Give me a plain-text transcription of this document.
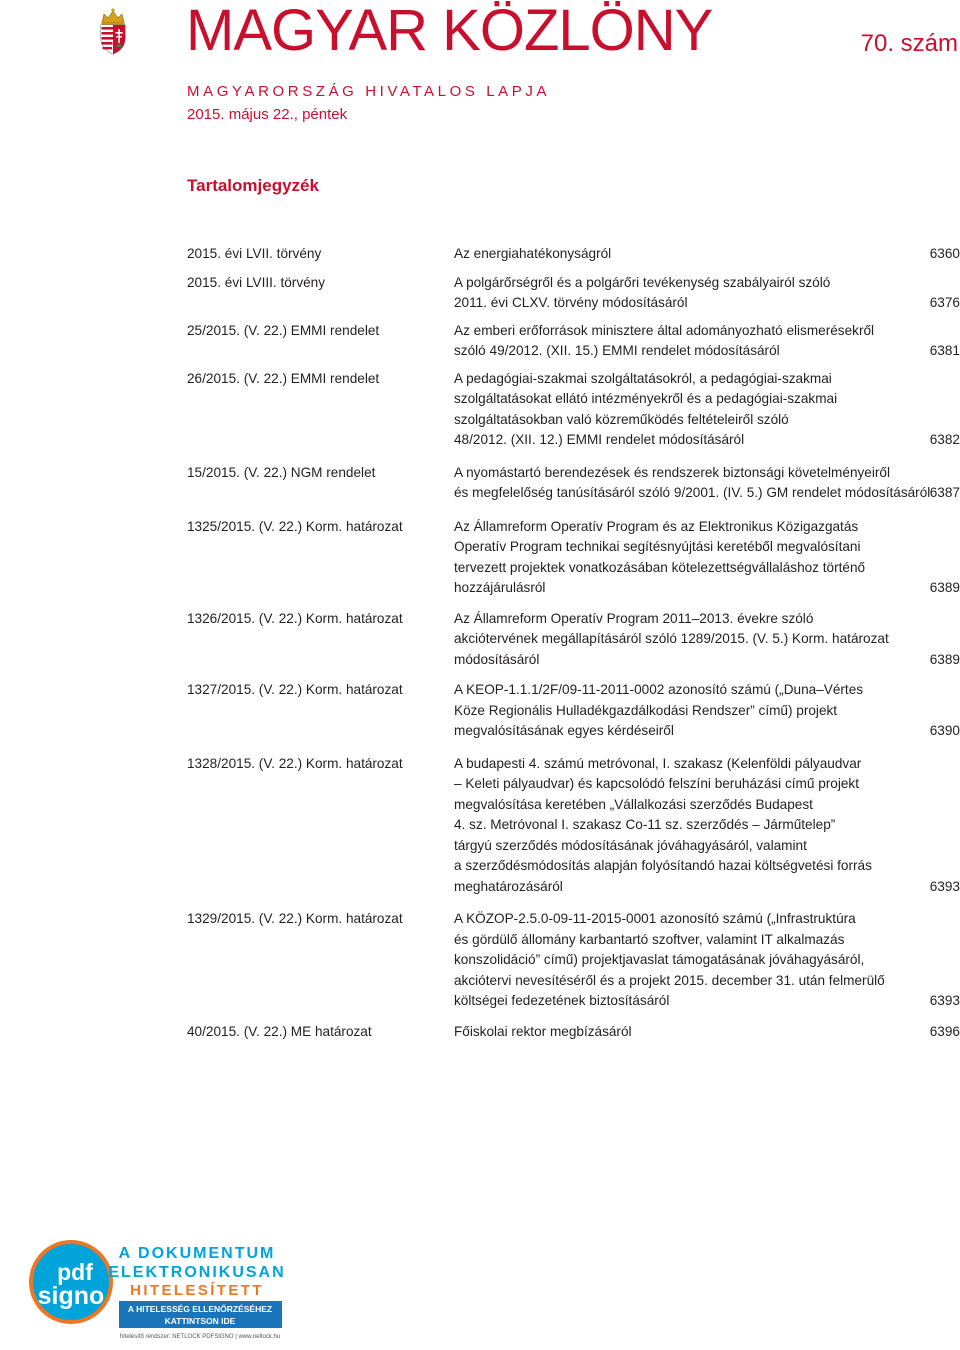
MAGYAR KÖZLÖNY	70. szám
MAGYARORSZÁG HIVATALOS LAPJA
2015. május 22., péntek
Tartalomjegyzék
2015. évi LVII. törvény	Az energiahatékonyságról	6360
2015. évi LVIII. törvény	A polgárőrségről és a polgárőri tevékenység szabályairól szóló
2011. évi CLXV. törvény módosításáról	6376
25/2015. (V. 22.) EMMI rendelet	Az emberi erőforrások minisztere által adományozható elismerésekről
szóló 49/2012. (XII. 15.) EMMI rendelet módosításáról	6381
26/2015. (V. 22.) EMMI rendelet	A pedagógiai-szakmai szolgáltatásokról, a pedagógiai-szakmai
szolgáltatásokat ellátó intézményekről és a pedagógiai-szakmai
szolgáltatásokban való közreműködés feltételeiről szóló
48/2012. (XII. 12.) EMMI rendelet módosításáról	6382
15/2015. (V. 22.) NGM rendelet	A nyomástartó berendezések és rendszerek biztonsági követelményeiről
és megfelelőség tanúsításáról szóló 9/2001. (IV. 5.) GM rendelet módosításáról 6387
1325/2015. (V. 22.) Korm. határozat	Az Államreform Operatív Program és az Elektronikus Közigazgatás
Operatív Program technikai segítésnyújtási keretéből megvalósítani
tervezett projektek vonatkozásában kötelezettségvállaláshoz történő
hozzájárulásról	6389
1326/2015. (V. 22.) Korm. határozat	Az Államreform Operatív Program 2011–2013. évekre szóló
akciótervének megállapításáról szóló 1289/2015. (V. 5.) Korm. határozat
módosításáról	6389
1327/2015. (V. 22.) Korm. határozat	A KEOP-1.1.1/2F/09-11-2011-0002 azonosító számú („Duna–Vértes
Köze Regionális Hulladékgazdálkodási Rendszer” című) projekt
megvalósításának egyes kérdéseiről	6390
1328/2015. (V. 22.) Korm. határozat	A budapesti 4. számú metróvonal, I. szakasz (Kelenföldi pályaudvar
– Keleti pályaudvar) és kapcsolódó felszíni beruházási című projekt
megvalósítása keretében „Vállalkozási szerződés Budapest
4. sz. Metróvonal I. szakasz Co-11 sz. szerződés – Járműtelep”
tárgyú szerződés módosításának jóváhagyásáról, valamint
a szerződésmódosítás alapján folyósítandó hazai költségvetési forrás
meghatározásáról	6393
1329/2015. (V. 22.) Korm. határozat	A KÖZOP-2.5.0-09-11-2015-0001 azonosító számú („Infrastruktúra
és gördülő állomány karbantartó szoftver, valamint IT alkalmazás
konszolidáció” című) projektjavaslat támogatásának jóváhagyásáról,
akciótervi nevesítéséről és a projekt 2015. december 31. után felmerülő
költségei fedezetének biztosításáról	6393
40/2015. (V. 22.) ME határozat	Főiskolai rektor megbízásáról	6396
pdf
signo
A DOKUMENTUM
ELEKTRONIKUSAN
HITELESÍTETT
A HITELESSÉG ELLENŐRZÉSÉHEZ
KATTINTSON IDE
hitelesítő rendszer: NETLOCK PDFSIGNO | www.netlock.hu
